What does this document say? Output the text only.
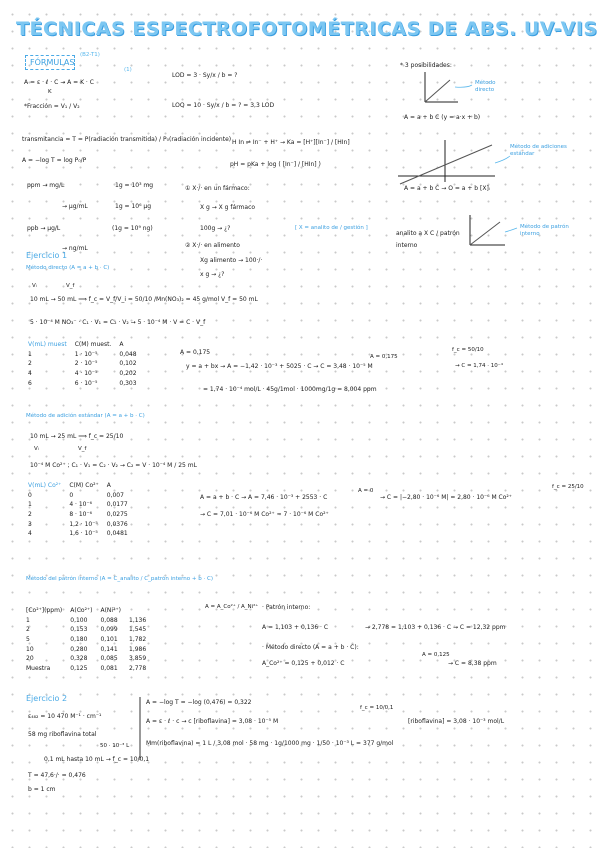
TÉCNICAS ESPECTROFOTOMÉTRICAS DE ABS. UV-VIS
FÓRMULAS
(B2-T1)
(1)
A = ε · ℓ · C → A = K · C
K
*Fracción = V₁ / V₂
transmitancia = T = P(radiación transmitida) / P₀(radiación incidente)
A = −log T = log P₀/P
LOD = 3 · Sy/x / b = ?
LOQ = 10 · Sy/x / b = ? = 3,3 LOD
H In ⇌ In⁻ + H⁺ → Ka = [H⁺][In⁻] / [HIn]
pH = pKa + log ( [In⁻] / [HIn] )
* 3 posibilidades:
Método directo
A = a + b C (y = a·x + b)
Método de adiciones estándar
A = a + b C → O = a + b [X]ᵢ
analito a X C / patrón interno
Método de patrón interno
ppm → mg/L	1g = 10³ mg
→ µg/mL	1g = 10⁶ µg
ppb → µg/L	(1g = 10⁹ ng)
→ ng/mL
① X·/· en un fármaco:
X g → X g fármaco
100g → ¿?	[ X = analito de / gestión ]
② X·/· en alimento
Xg alimento → 100·/·
x g → ¿?
Ejercicio 1
Método directo (A = a + b · C)
Vᵢ	V_f
10 mL → 50 mL ⟹ f_c = V_f/V_i = 50/10 /Mn(NO₃)₂ = 45 g/mol V_f = 50 mL
5 · 10⁻⁴ M NO₃⁻ · C₁ · V₁ = C₂ · V₂ → 5 · 10⁻⁴ M · V = C · V_f
V(mL) muest	C(M) muest.	A
1	1 · 10⁻⁵	0,048
2	2 · 10⁻⁵	0,102
4	4 · 10⁻⁵	0,202
6	6 · 10⁻⁵	0,303
A = 0,175
y = a + bx → A = −1,42 · 10⁻³ + 5025 · C → C = 3,48 · 10⁻⁵ M
A = 0,175
f_c = 50/10
→ C = 1,74 · 10⁻⁴
= 1,74 · 10⁻⁴ mol/L · 45g/1mol · 1000mg/1g = 8,004 ppm
Método de adición estándar (A = a + b · C)
10 mL → 25 mL ⟹ f_c = 25/10
Vᵢ	V_f
10⁻⁴ M Co²⁺ ; C₁ · V₁ = C₂ · V₂ → C₂ = V · 10⁻⁴ M / 25 mL
V(mL) Co²⁺	C(M) Co²⁺	A
0	0	0,007
1	4 · 10⁻⁶	0,0177
2	8 · 10⁻⁶	0,0275
3	1,2 · 10⁻⁵	0,0376
4	1,6 · 10⁻⁵	0,0481
A = a + b · C → A = 7,46 · 10⁻³ + 2553 · C
A = 0
→ C = |−2,80 · 10⁻⁶ M| = 2,80 · 10⁻⁶ M Co²⁺
f_c = 25/10
→ C = 7,01 · 10⁻⁶ M Co²⁺ ≈ 7 · 10⁻⁶ M Co²⁺
Método del patrón interno (A = C_analito / C_patrón interno + b · C)
A = A_Co²⁺ / A_Ni²⁺
[Co²⁺](ppm)	A(Co²⁺)	A(Ni²⁺)	
1	0,100	0,088	1,136
2	0,153	0,099	1,545
5	0,180	0,101	1,782
10	0,280	0,141	1,986
20	0,328	0,085	3,859
Muestra	0,125	0,081	2,778
· Patrón interno:
A = 1,103 + 0,136 · C	→ 2,778 = 1,103 + 0,136 · C → C = 12,32 ppm
· Método directo (A = a + b · C):
A_Co²⁺ = 0,125 + 0,012 · C
A = 0,125
→ C = 8,38 ppm
Ejercicio 2
ε₄₈₂ = 10 470 M⁻¹ · cm⁻¹
58 mg riboflavina total
50 · 10⁻³ L
0,1 mL hasta 10 mL → f_c = 10/0,1
T = 47,6·/· = 0,476
b = 1 cm
A = −log T = −log (0,476) = 0,322
A = ε · ℓ · c → c [riboflavina] = 3,08 · 10⁻⁵ M
f_c = 10/0,1
[riboflavina] = 3,08 · 10⁻³ mol/L
Mm(riboflavina) = 1 L / 3,08 mol · 58 mg · 1g/1000 mg · 1/50 · 10⁻³ L = 377 g/mol
